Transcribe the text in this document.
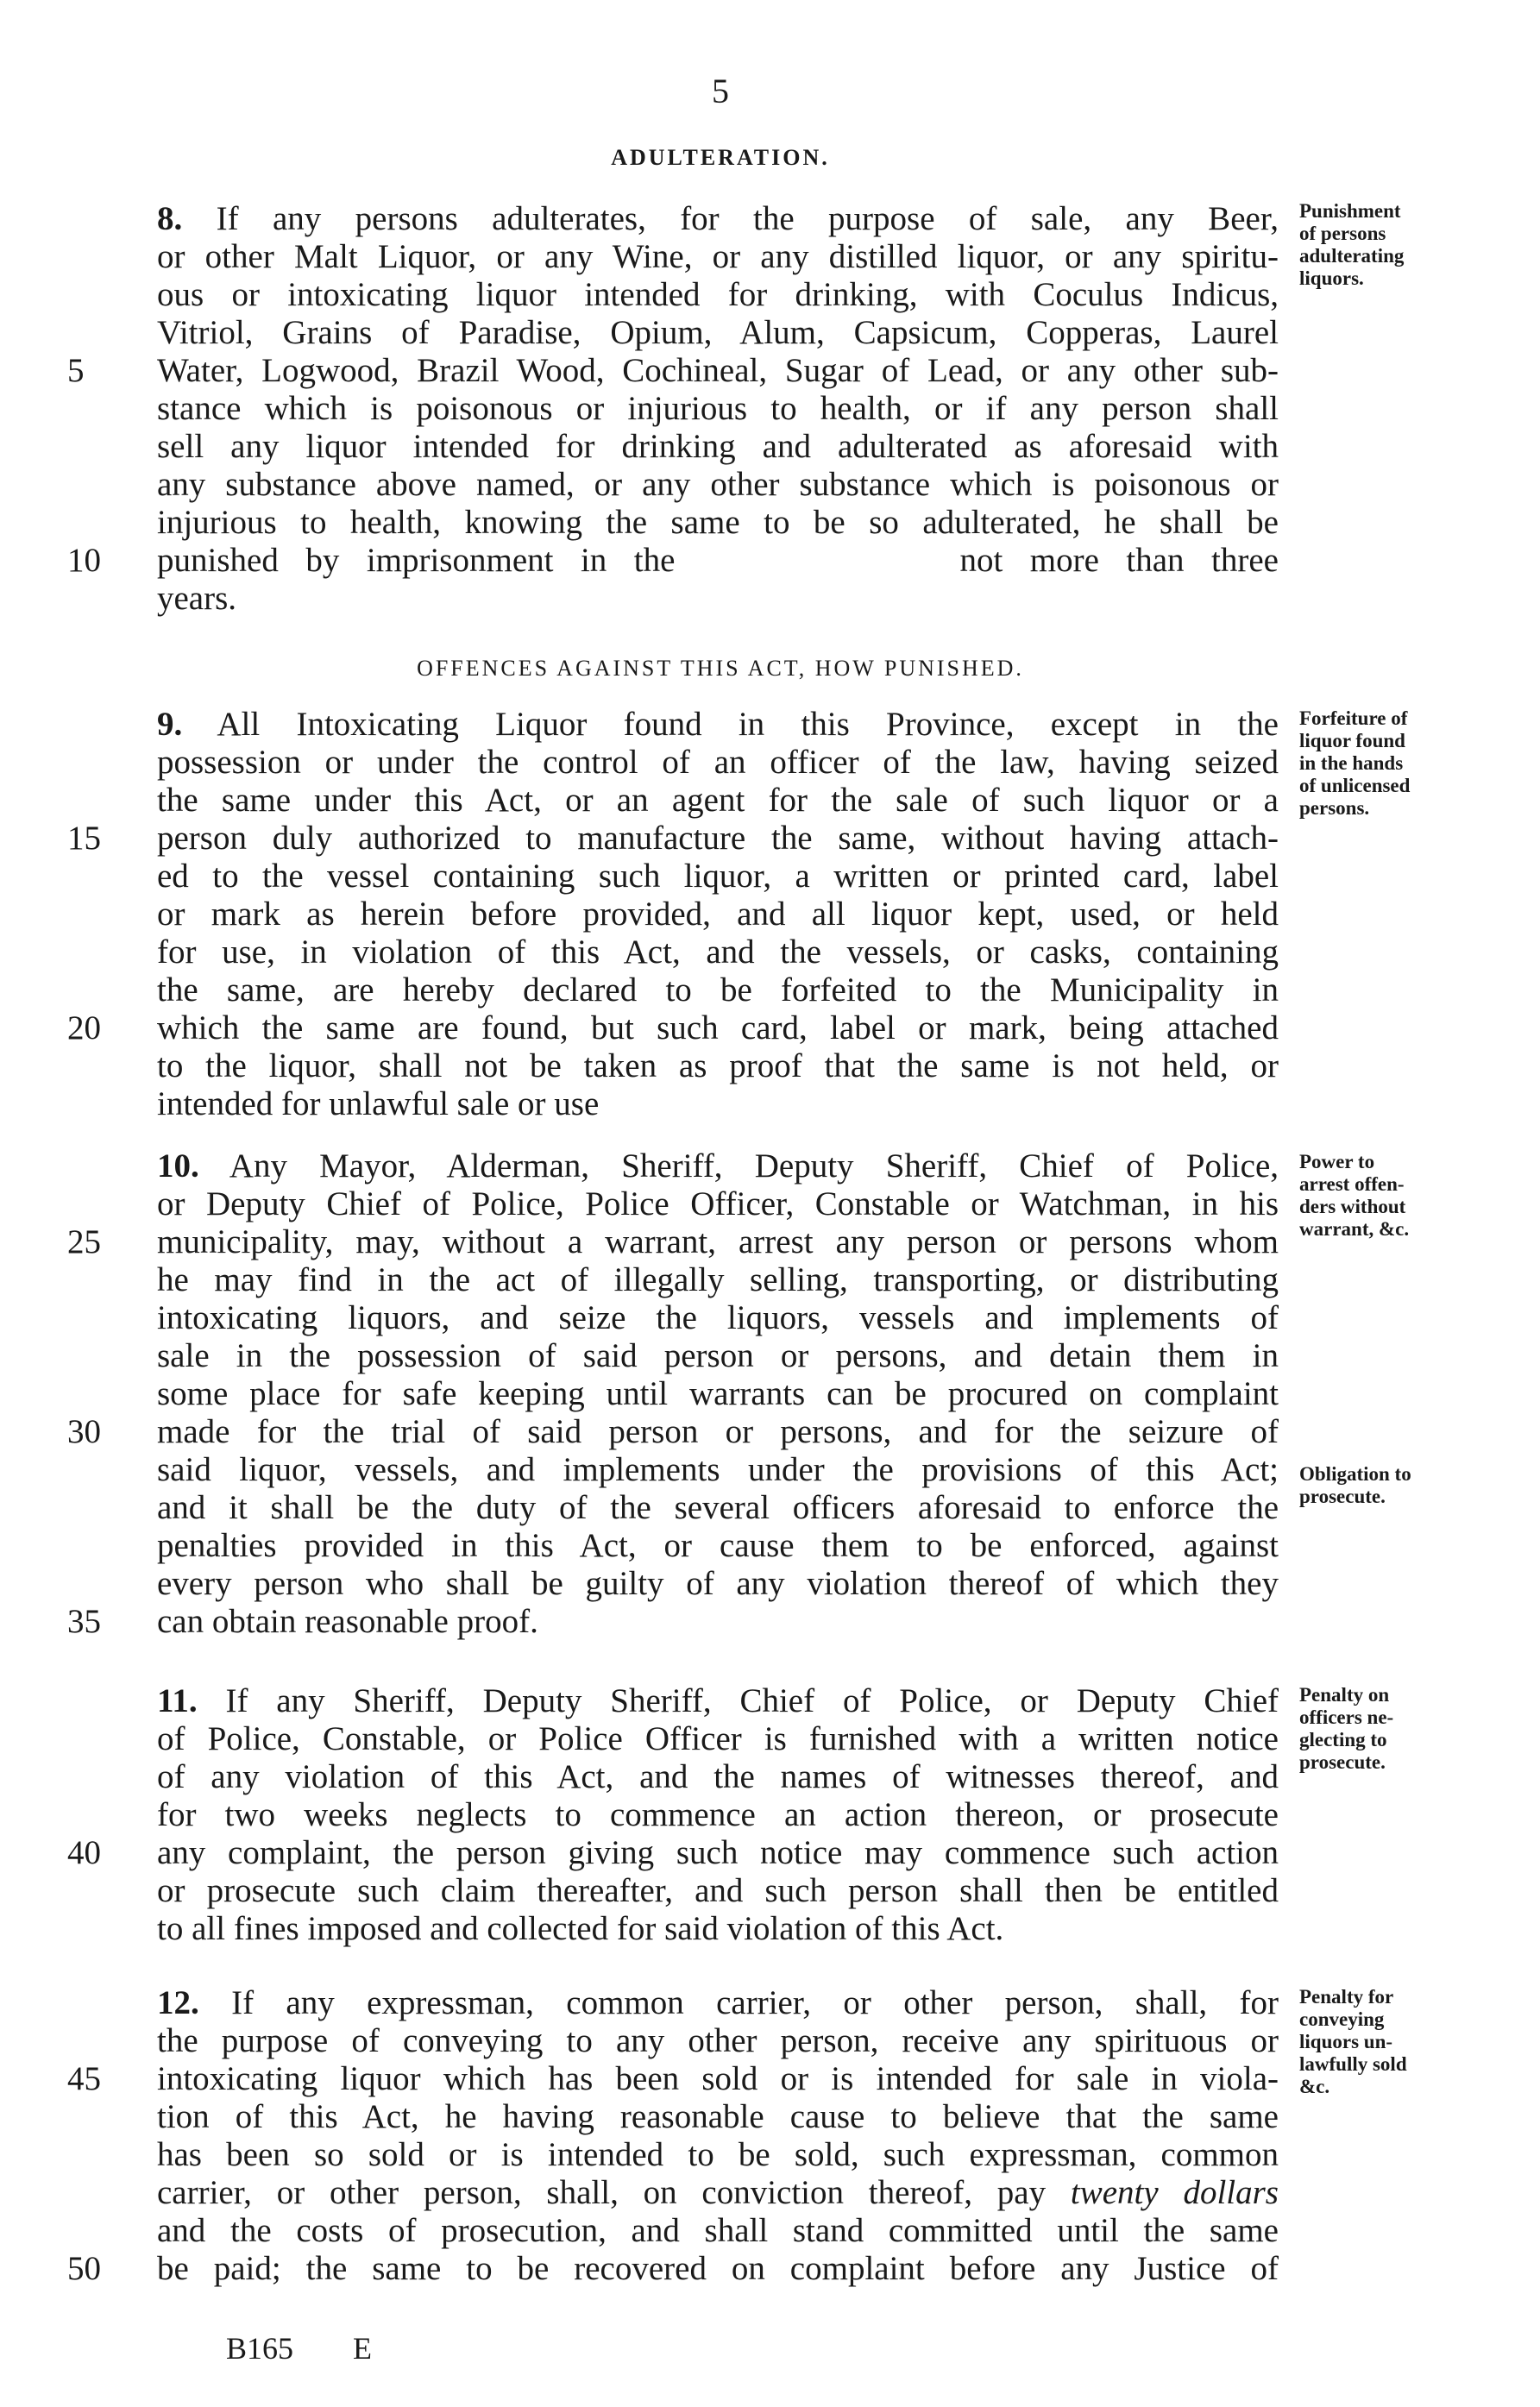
5
ADULTERATION.
8. If any persons adulterates, for the purpose of sale, any Beer,
or other Malt Liquor, or any Wine, or any distilled liquor, or any spiritu-
ous or intoxicating liquor intended for drinking, with Coculus Indicus,
Vitriol, Grains of Paradise, Opium, Alum, Capsicum, Copperas, Laurel
Water, Logwood, Brazil Wood, Cochineal, Sugar of Lead, or any other sub-
stance which is poisonous or injurious to health, or if any person shall
sell any liquor intended for drinking and adulterated as aforesaid with
any substance above named, or any other substance which is poisonous or
injurious to health, knowing the same to be so adulterated, he shall be
punished by imprisonment in the	not more than three
years.
OFFENCES AGAINST THIS ACT, HOW PUNISHED.
9. All Intoxicating Liquor found in this Province, except in the
possession or under the control of an officer of the law, having seized
the same under this Act, or an agent for the sale of such liquor or a
person duly authorized to manufacture the same, without having attach-
ed to the vessel containing such liquor, a written or printed card, label
or mark as herein before provided, and all liquor kept, used, or held
for use, in violation of this Act, and the vessels, or casks, containing
the same, are hereby declared to be forfeited to the Municipality in
which the same are found, but such card, label or mark, being attached
to the liquor, shall not be taken as proof that the same is not held, or
intended for unlawful sale or use
10. Any Mayor, Alderman, Sheriff, Deputy Sheriff, Chief of Police,
or Deputy Chief of Police, Police Officer, Constable or Watchman, in his
municipality, may, without a warrant, arrest any person or persons whom
he may find in the act of illegally selling, transporting, or distributing
intoxicating liquors, and seize the liquors, vessels and implements of
sale in the possession of said person or persons, and detain them in
some place for safe keeping until warrants can be procured on complaint
made for the trial of said person or persons, and for the seizure of
said liquor, vessels, and implements under the provisions of this Act;
and it shall be the duty of the several officers aforesaid to enforce the
penalties provided in this Act, or cause them to be enforced, against
every person who shall be guilty of any violation thereof of which they
can obtain reasonable proof.
11. If any Sheriff, Deputy Sheriff, Chief of Police, or Deputy Chief
of Police, Constable, or Police Officer is furnished with a written notice
of any violation of this Act, and the names of witnesses thereof, and
for two weeks neglects to commence an action thereon, or prosecute
any complaint, the person giving such notice may commence such action
or prosecute such claim thereafter, and such person shall then be entitled
to all fines imposed and collected for said violation of this Act.
12. If any expressman, common carrier, or other person, shall, for
the purpose of conveying to any other person, receive any spirituous or
intoxicating liquor which has been sold or is intended for sale in viola-
tion of this Act, he having reasonable cause to believe that the same
has been so sold or is intended to be sold, such expressman, common
carrier, or other person, shall, on conviction thereof, pay twenty dollars
and the costs of prosecution, and shall stand committed until the same
be paid; the same to be recovered on complaint before any Justice of
5
10
15
20
25
30
35
40
45
50
Punishment
of persons
adulterating
liquors.
Forfeiture of
liquor found
in the hands
of unlicensed
persons.
Power to
arrest offen-
ders without
warrant, &c.
Obligation to
prosecute.
Penalty on
officers ne-
glecting to
prosecute.
Penalty for
conveying
liquors un-
lawfully sold
&c.
B165 E
